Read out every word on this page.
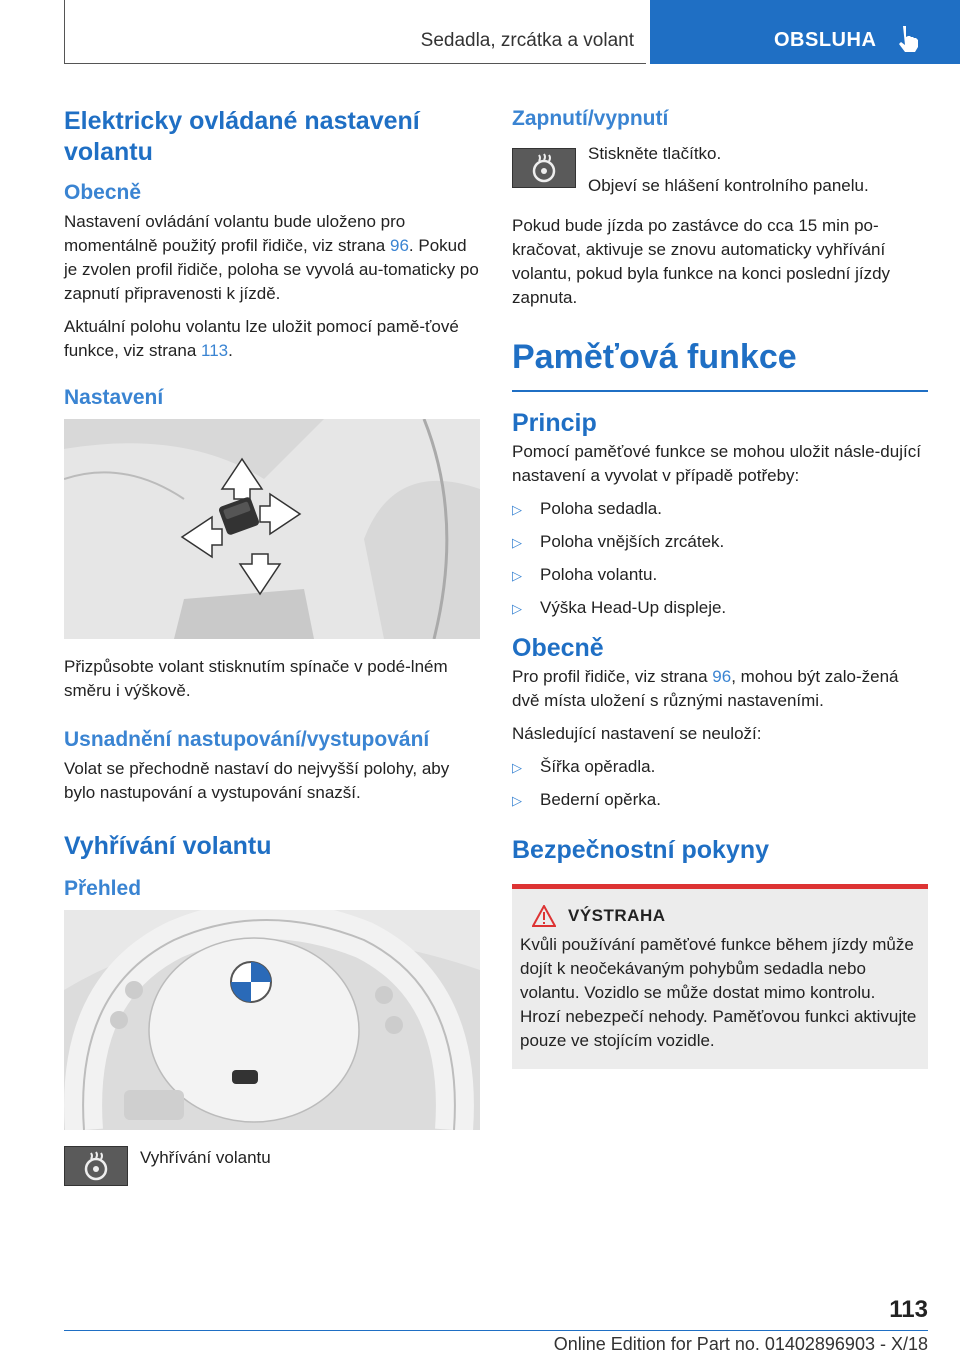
Sedadla, zrcátka a volant	OBSLUHA
Elektricky ovládané nastavení volantu
Obecně

Nastavení ovládání volantu bude uloženo pro momentálně použitý profil řidiče, viz strana 96. Pokud je zvolen profil řidiče, poloha se vyvolá au-tomaticky po zapnutí připravenosti k jízdě.

Aktuální polohu volantu lze uložit pomocí pamě-ťové funkce, viz strana 113.

Nastavení

Přizpůsobte volant stisknutím spínače v podé-lném směru i výškově.

Usnadnění nastupování/vystupování

Volat se přechodně nastaví do nejvyšší polohy, aby bylo nastupování a vystupování snazší.

Vyhřívání volantu
Přehled

Vyhřívání volantu

Zapnutí/vypnutí

Stiskněte tlačítko.

Objeví se hlášení kontrolního panelu.

Pokud bude jízda po zastávce do cca 15 min po-kračovat, aktivuje se znovu automaticky vyhřívání volantu, pokud byla funkce na konci poslední jízdy zapnuta.

Paměťová funkce
Princip

Pomocí paměťové funkce se mohou uložit násle-dující nastavení a vyvolat v případě potřeby:

▷	Poloha sedadla.
▷	Poloha vnějších zrcátek.
▷	Poloha volantu.
▷	Výška Head-Up displeje.
Obecně

Pro profil řidiče, viz strana 96, mohou být zalo-žená dvě místa uložení s různými nastaveními.

Následující nastavení se neuloží:

▷	Šířka opěradla.
▷	Bederní opěrka.
Bezpečnostní pokyny
VÝSTRAHA

Kvůli používání paměťové funkce během jízdy může dojít k neočekávaným pohybům sedadla nebo volantu. Vozidlo se může dostat mimo kontrolu. Hrozí nebezpečí nehody. Paměťovou funkci aktivujte pouze ve stojícím vozidle.

113
Online Edition for Part no. 01402896903 - X/18
